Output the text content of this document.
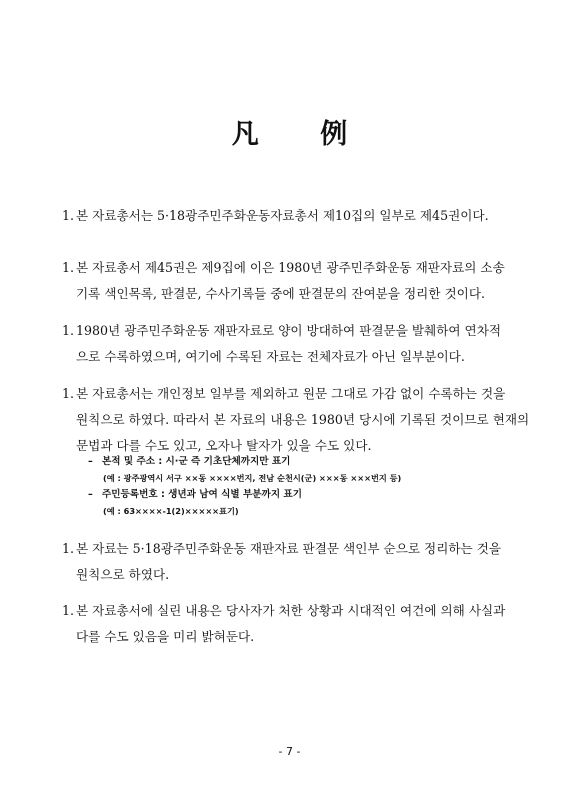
凡 例
1. 본 자료총서는 5·18광주민주화운동자료총서 제10집의 일부로 제45권이다.
1. 본 자료총서 제45권은 제9집에 이은 1980년 광주민주화운동 재판자료의 소송
기록 색인목록, 판결문, 수사기록들 중에 판결문의 잔여분을 정리한 것이다.
1. 1980년 광주민주화운동 재판자료로 양이 방대하여 판결문을 발췌하여 연차적
으로 수록하였으며, 여기에 수록된 자료는 전체자료가 아닌 일부분이다.
1. 본 자료총서는 개인정보 일부를 제외하고 원문 그대로 가감 없이 수록하는 것을
원칙으로 하였다. 따라서 본 자료의 내용은 1980년 당시에 기록된 것이므로 현재의
문법과 다를 수도 있고, 오자나 탈자가 있을 수도 있다.
– 본적 및 주소 : 시·군 즉 기초단체까지만 표기
(예 : 광주광역시 서구 ××동 ××××번지, 전남 순천시(군) ×××동 ×××번지 등)
– 주민등록번호 : 생년과 남여 식별 부분까지 표기
(예 : 63××××-1(2)×××××표기)
1. 본 자료는 5·18광주민주화운동 재판자료 판결문 색인부 순으로 정리하는 것을
원칙으로 하였다.
1. 본 자료총서에 실린 내용은 당사자가 처한 상황과 시대적인 여건에 의해 사실과
다를 수도 있음을 미리 밝혀둔다.
- 7 -
